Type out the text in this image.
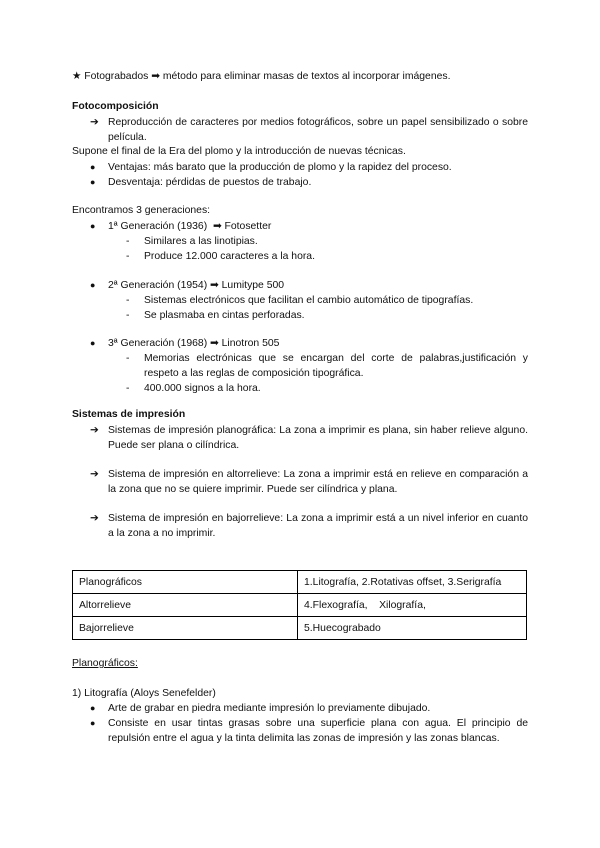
★ Fotograbados ➡ método para eliminar masas de textos al incorporar imágenes.
Fotocomposición
➔ Reproducción de caracteres por medios fotográficos, sobre un papel sensibilizado o sobre película.
Supone el final de la Era del plomo y la introducción de nuevas técnicas.
● Ventajas: más barato que la producción de plomo y la rapidez del proceso.
● Desventaja: pérdidas de puestos de trabajo.
Encontramos 3 generaciones:
● 1ª Generación (1936) ➡ Fotosetter
- Similares a las linotipias.
- Produce 12.000 caracteres a la hora.
● 2ª Generación (1954) ➡ Lumitype 500
- Sistemas electrónicos que facilitan el cambio automático de tipografías.
- Se plasmaba en cintas perforadas.
● 3ª Generación (1968) ➡ Linotron 505
- Memorias electrónicas que se encargan del corte de palabras,justificación y respeto a las reglas de composición tipográfica.
- 400.000 signos a la hora.
Sistemas de impresión
➔ Sistemas de impresión planográfica: La zona a imprimir es plana, sin haber relieve alguno. Puede ser plana o cilíndrica.
➔ Sistema de impresión en altorrelieve: La zona a imprimir está en relieve en comparación a la zona que no se quiere imprimir. Puede ser cilíndrica y plana.
➔ Sistema de impresión en bajorrelieve: La zona a imprimir está a un nivel inferior en cuanto a la zona a no imprimir.
Planográficos	1.Litografía, 2.Rotativas offset, 3.Serigrafía
Altorrelieve	4.Flexografía,    Xilografía,
Bajorrelieve	5.Huecograbado
Planográficos:
1) Litografía (Aloys Senefelder)
● Arte de grabar en piedra mediante impresión lo previamente dibujado.
● Consiste en usar tintas grasas sobre una superficie plana con agua. El principio de repulsión entre el agua y la tinta delimita las zonas de impresión y las zonas blancas.
